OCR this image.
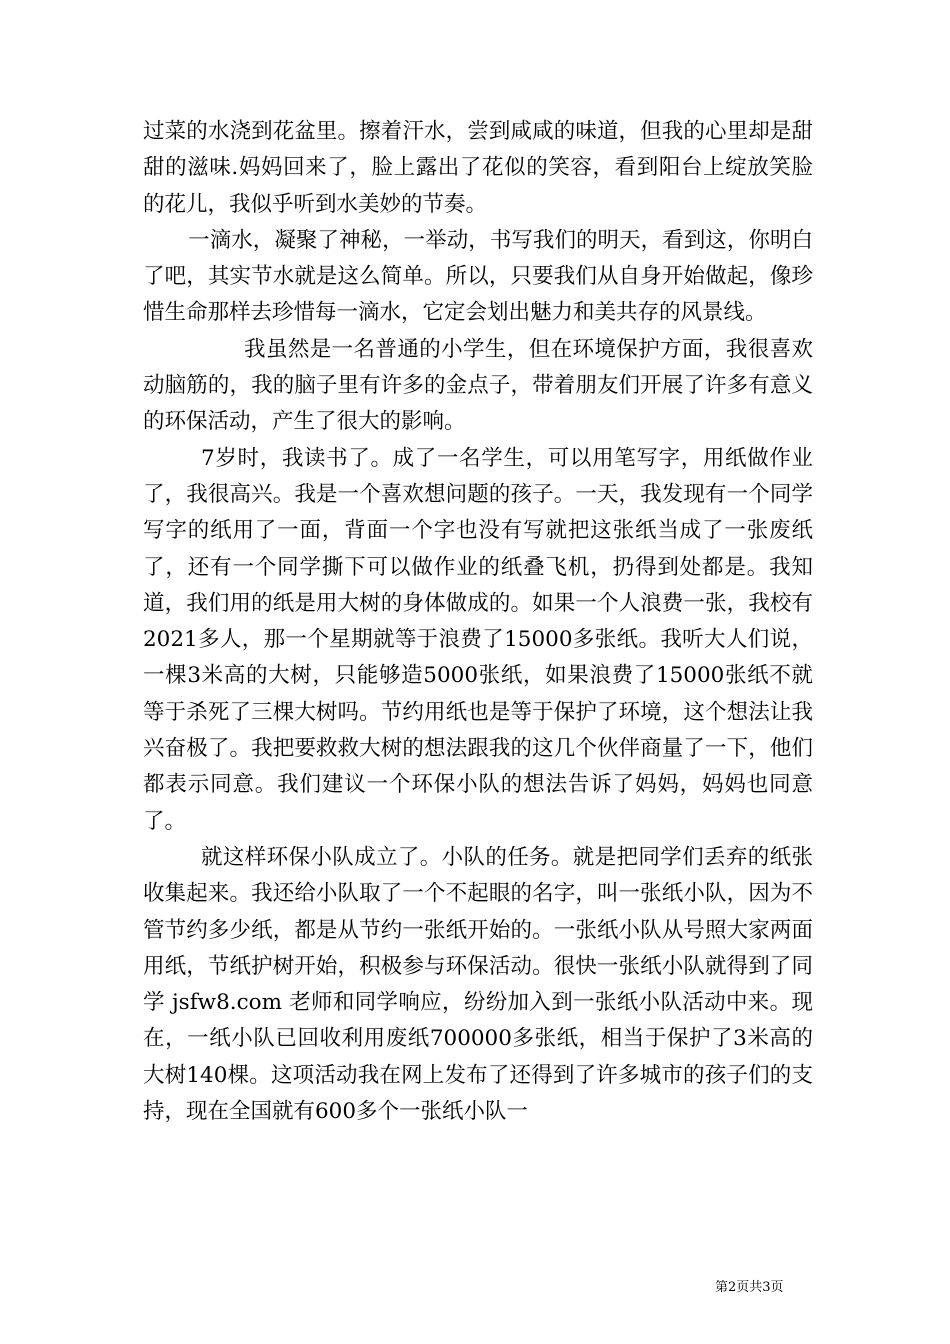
过菜的水浇到花盆里。擦着汗水，尝到咸咸的味道，但我的心里却是甜甜的滋味.妈妈回来了，脸上露出了花似的笑容，看到阳台上绽放笑脸的花儿，我似乎听到水美妙的节奏。

一滴水，凝聚了神秘，一举动，书写我们的明天，看到这，你明白了吧，其实节水就是这么简单。所以，只要我们从自身开始做起，像珍惜生命那样去珍惜每一滴水，它定会划出魅力和美共存的风景线。

我虽然是一名普通的小学生，但在环境保护方面，我很喜欢动脑筋的，我的脑子里有许多的金点子，带着朋友们开展了许多有意义的环保活动，产生了很大的影响。

7岁时，我读书了。成了一名学生，可以用笔写字，用纸做作业了，我很高兴。我是一个喜欢想问题的孩子。一天，我发现有一个同学写字的纸用了一面，背面一个字也没有写就把这张纸当成了一张废纸了，还有一个同学撕下可以做作业的纸叠飞机，扔得到处都是。我知道，我们用的纸是用大树的身体做成的。如果一个人浪费一张，我校有2021多人，那一个星期就等于浪费了15000多张纸。我听大人们说，一棵3米高的大树，只能够造5000张纸，如果浪费了15000张纸不就等于杀死了三棵大树吗。节约用纸也是等于保护了环境，这个想法让我兴奋极了。我把要救救大树的想法跟我的这几个伙伴商量了一下，他们都表示同意。我们建议一个环保小队的想法告诉了妈妈，妈妈也同意了。

就这样环保小队成立了。小队的任务。就是把同学们丢弃的纸张收集起来。我还给小队取了一个不起眼的名字，叫一张纸小队，因为不管节约多少纸，都是从节约一张纸开始的。一张纸小队从号照大家两面用纸，节纸护树开始，积极参与环保活动。很快一张纸小队就得到了同学 jsfw8.com 老师和同学响应，纷纷加入到一张纸小队活动中来。现在，一纸小队已回收利用废纸700000多张纸，相当于保护了3米高的大树140棵。这项活动我在网上发布了还得到了许多城市的孩子们的支持，现在全国就有600多个一张纸小队一

第2页共3页
